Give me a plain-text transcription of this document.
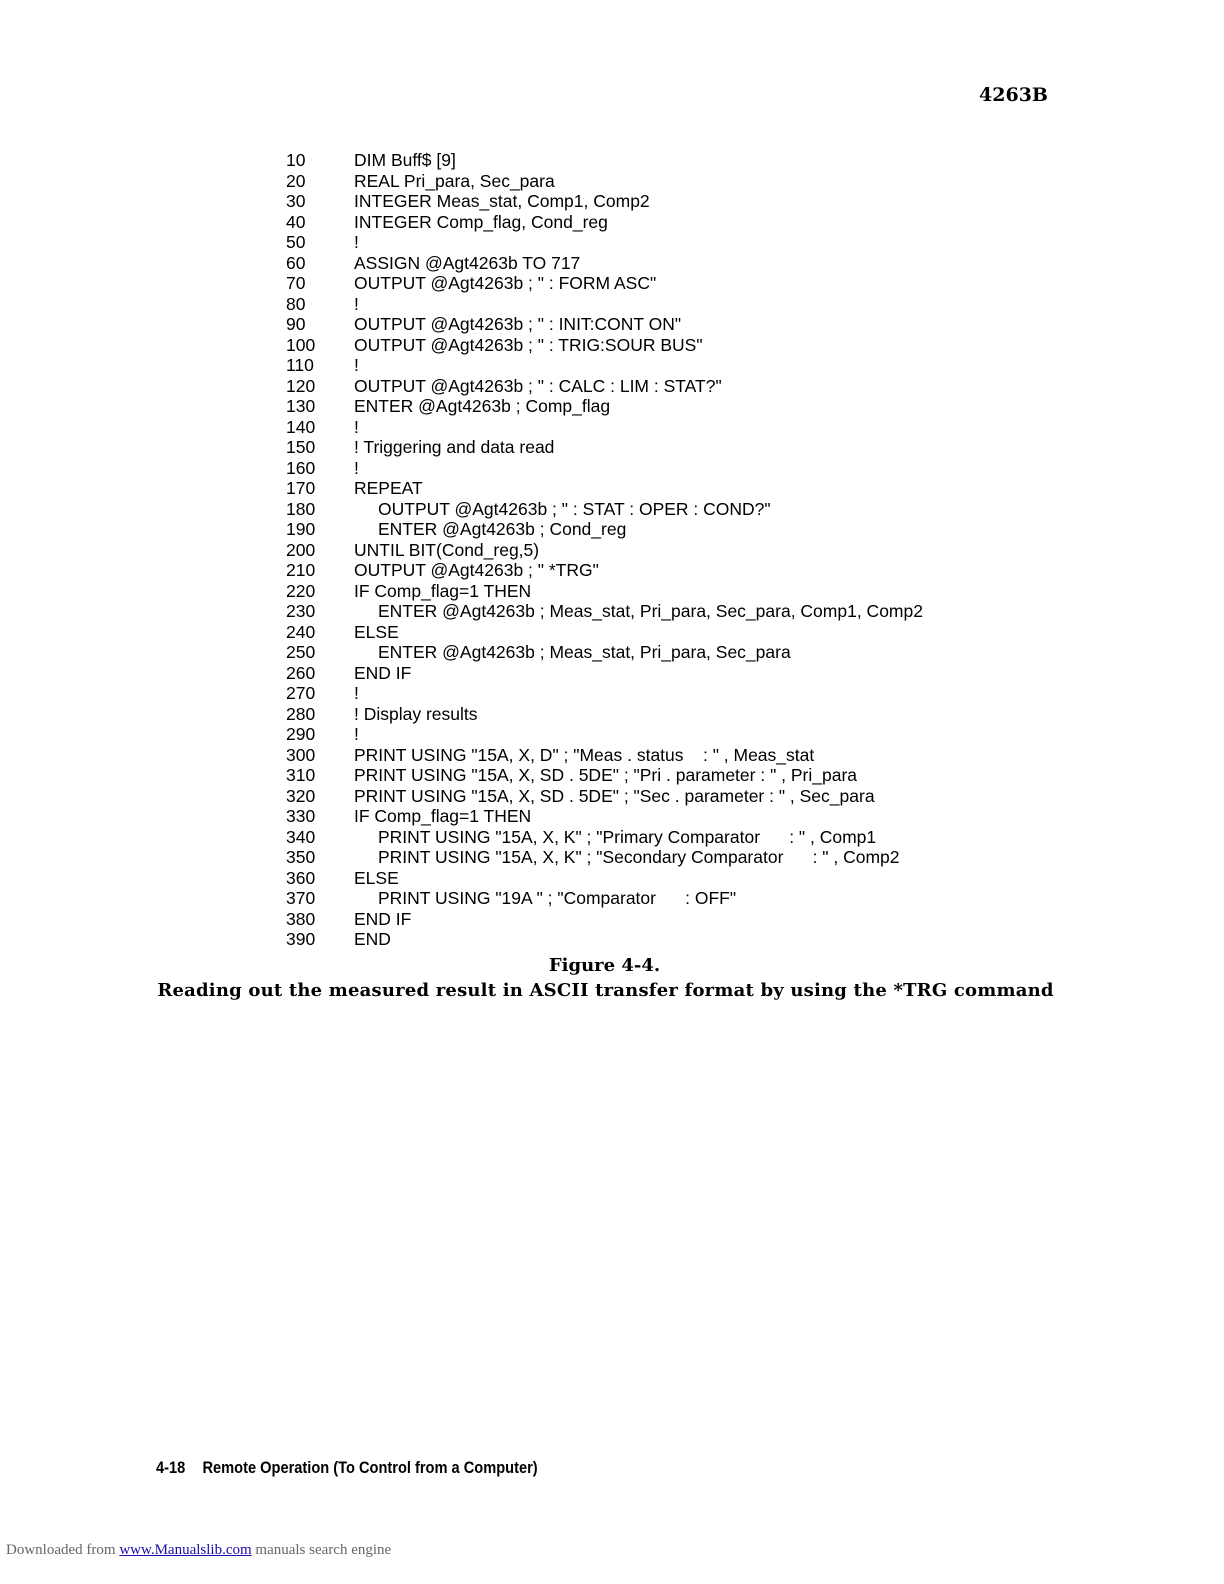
4263B
10	DIM Buff$ [9]
20	REAL Pri_para, Sec_para
30	INTEGER Meas_stat, Comp1, Comp2
40	INTEGER Comp_flag, Cond_reg
50	!
60	ASSIGN @Agt4263b TO 717
70	OUTPUT @Agt4263b ; " : FORM ASC"
80	!
90	OUTPUT @Agt4263b ; " : INIT:CONT ON"
100 OUTPUT @Agt4263b ; " : TRIG:SOUR BUS"
110 !
120 OUTPUT @Agt4263b ; " : CALC : LIM : STAT?"
130 ENTER @Agt4263b ; Comp_flag
140 !
150 ! Triggering and data read
160 !
170 REPEAT
180	OUTPUT @Agt4263b ; " : STAT : OPER : COND?"
190	ENTER @Agt4263b ; Cond_reg
200 UNTIL BIT(Cond_reg,5)
210 OUTPUT @Agt4263b ; " *TRG"
220 IF Comp_flag=1 THEN
230	ENTER @Agt4263b ; Meas_stat, Pri_para, Sec_para, Comp1, Comp2
240 ELSE
250	ENTER @Agt4263b ; Meas_stat, Pri_para, Sec_para
260 END IF
270 !
280 ! Display results
290 !
300 PRINT USING "15A, X, D" ; "Meas . status    : " , Meas_stat
310 PRINT USING "15A, X, SD . 5DE" ; "Pri . parameter : " , Pri_para
320 PRINT USING "15A, X, SD . 5DE" ; "Sec . parameter : " , Sec_para
330 IF Comp_flag=1 THEN
340	PRINT USING "15A, X, K" ; "Primary Comparator      : " , Comp1
350	PRINT USING "15A, X, K" ; "Secondary Comparator      : " , Comp2
360 ELSE
370	PRINT USING "19A " ; "Comparator      : OFF"
380 END IF
390 END
Figure 4-4.
Reading out the measured result in ASCII transfer format by using the *TRG command
4-18 Remote Operation (To Control from a Computer)
Downloaded from www.Manualslib.com manuals search engine
